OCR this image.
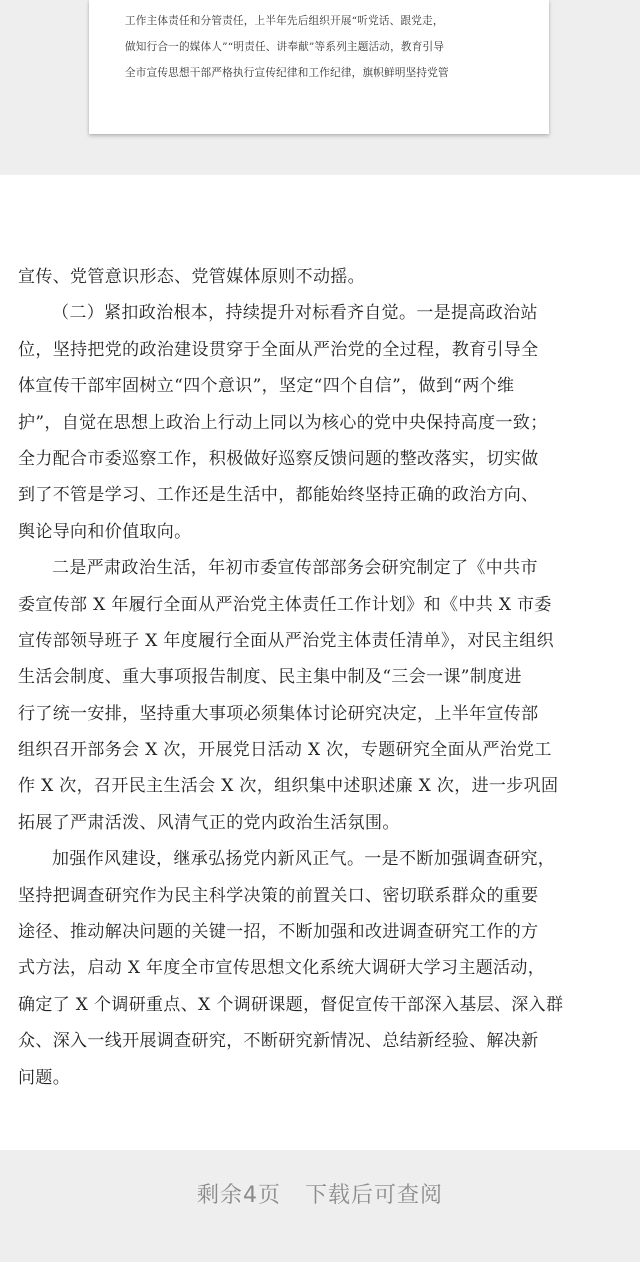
工作主体责任和分管责任，上半年先后组织开展“听党话、跟党走，
做知行合一的媒体人”“明责任、讲奉献”等系列主题活动，教育引导
全市宣传思想干部严格执行宣传纪律和工作纪律，旗帜鲜明坚持党管
宣传、党管意识形态、党管媒体原则不动摇。
（二）紧扣政治根本，持续提升对标看齐自觉。一是提高政治站
位，坚持把党的政治建设贯穿于全面从严治党的全过程，教育引导全
体宣传干部牢固树立“四个意识”，坚定“四个自信”，做到“两个维
护”，自觉在思想上政治上行动上同以为核心的党中央保持高度一致；
全力配合市委巡察工作，积极做好巡察反馈问题的整改落实，切实做
到了不管是学习、工作还是生活中，都能始终坚持正确的政治方向、
舆论导向和价值取向。
二是严肃政治生活，年初市委宣传部部务会研究制定了《中共市
委宣传部 X 年履行全面从严治党主体责任工作计划》和《中共 X 市委
宣传部领导班子 X 年度履行全面从严治党主体责任清单》，对民主组织
生活会制度、重大事项报告制度、民主集中制及“三会一课”制度进
行了统一安排，坚持重大事项必须集体讨论研究决定，上半年宣传部
组织召开部务会 X 次，开展党日活动 X 次，专题研究全面从严治党工
作 X 次，召开民主生活会 X 次，组织集中述职述廉 X 次，进一步巩固
拓展了严肃活泼、风清气正的党内政治生活氛围。
加强作风建设，继承弘扬党内新风正气。一是不断加强调查研究，
坚持把调查研究作为民主科学决策的前置关口、密切联系群众的重要
途径、推动解决问题的关键一招，不断加强和改进调查研究工作的方
式方法，启动 X 年度全市宣传思想文化系统大调研大学习主题活动，
确定了 X 个调研重点、X 个调研课题，督促宣传干部深入基层、深入群
众、深入一线开展调查研究，不断研究新情况、总结新经验、解决新
问题。
剩余4页 下载后可查阅
